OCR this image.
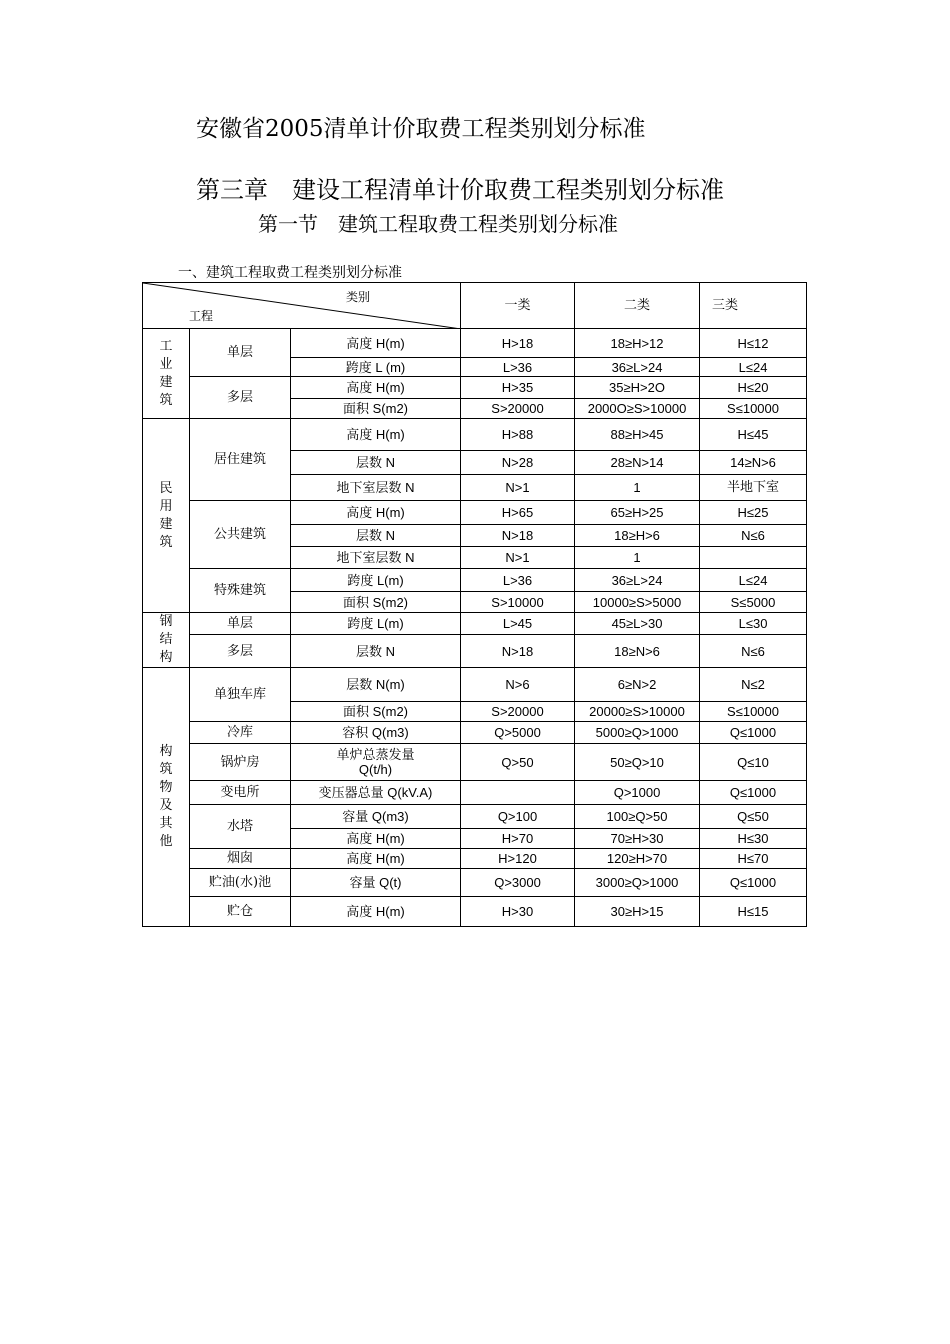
安徽省2005清单计价取费工程类别划分标准
第三章　建设工程清单计价取费工程类别划分标准
第一节　建筑工程取费工程类别划分标准
一、建筑工程取费工程类别划分标准
类别
工程			一类	二类	三类
工业建筑	单层	高度 H(m)	H>18	18≥H>12	H≤12
		跨度 L (m)	L>36	36≥L>24	L≤24
	多层	高度 H(m)	H>35	35≥H>2O	H≤20
		面积 S(m2)	S>20000	2000O≥S>10000	S≤10000
民用建筑	居住建筑	高度 H(m)	H>88	88≥H>45	H≤45
		层数 N	N>28	28≥N>14	14≥N>6
		地下室层数 N	N>1	1	半地下室
	公共建筑	高度 H(m)	H>65	65≥H>25	H≤25
		层数 N	N>18	18≥H>6	N≤6
		地下室层数 N	N>1	1	
	特殊建筑	跨度 L(m)	L>36	36≥L>24	L≤24
		面积 S(m2)	S>10000	10000≥S>5000	S≤5000
钢结构	单层	跨度 L(m)	L>45	45≥L>30	L≤30
	多层	层数 N	N>18	18≥N>6	N≤6
构筑物及其他	单独车库	层数 N(m)	N>6	6≥N>2	N≤2
		面积 S(m2)	S>20000	20000≥S>10000	S≤10000
	冷库	容积 Q(m3)	Q>5000	5000≥Q>1000	Q≤1000
	锅炉房	单炉总蒸发量
Q(t/h)	Q>50	50≥Q>10	Q≤10
	变电所	变压器总量 Q(kV.A)		Q>1000	Q≤1000
	水塔	容量 Q(m3)	Q>100	100≥Q>50	Q≤50
		高度 H(m)	H>70	70≥H>30	H≤30
	烟囱	高度 H(m)	H>120	120≥H>70	H≤70
	贮油(水)池	容量 Q(t)	Q>3000	3000≥Q>1000	Q≤1000
	贮仓	高度 H(m)	H>30	30≥H>15	H≤15
